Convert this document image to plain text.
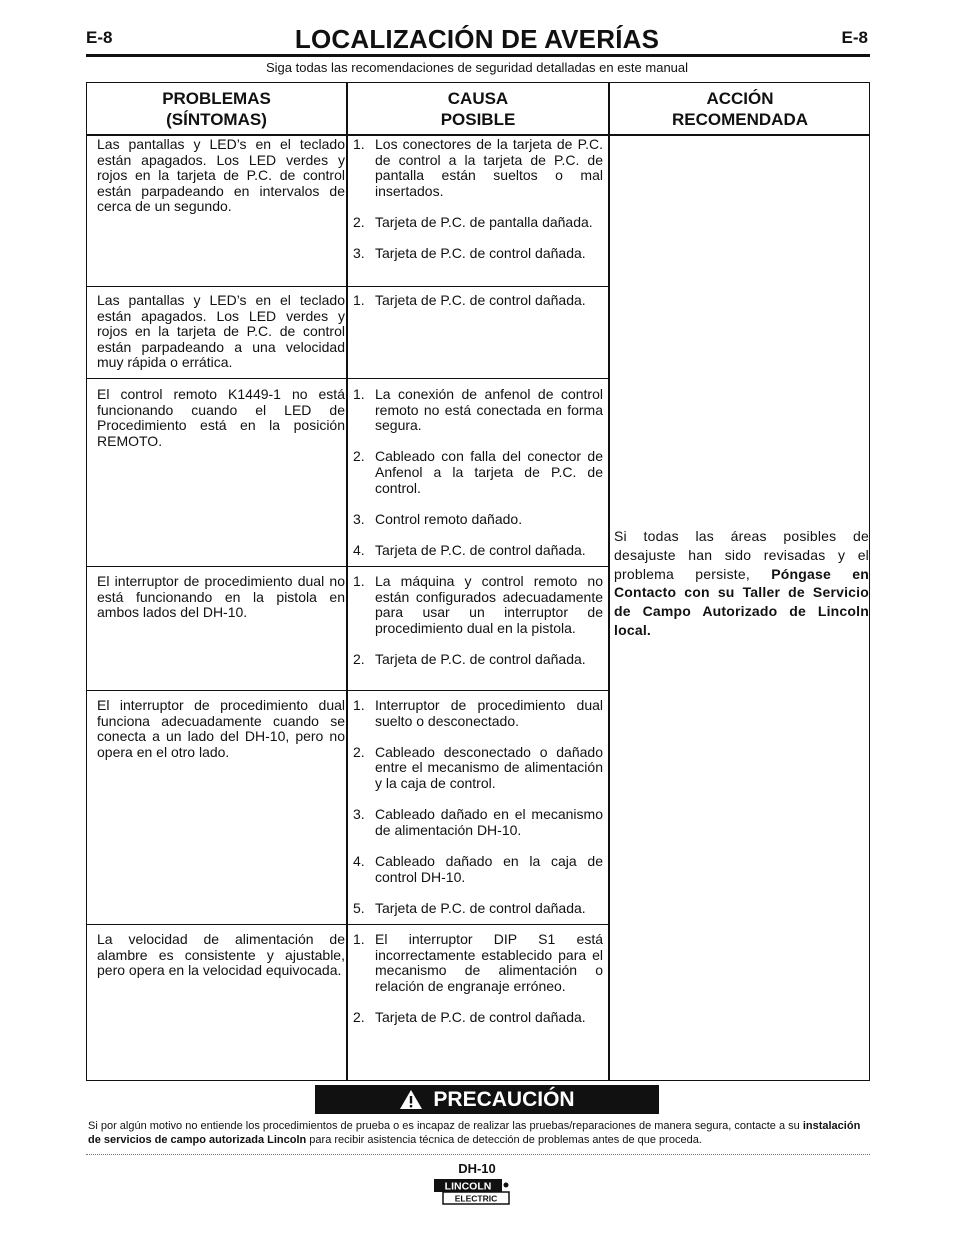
E-8	LOCALIZACIÓN DE AVERÍAS	E-8
Siga todas las recomendaciones de seguridad detalladas en este manual
PROBLEMAS
(SÍNTOMAS)
CAUSA
POSIBLE
ACCIÓN
RECOMENDADA
Las pantallas y LED’s en el teclado están apagados. Los LED verdes y rojos en la tarjeta de P.C. de control están parpadeando en intervalos de cerca de un segundo.
1. Los conectores de la tarjeta de P.C. de control a la tarjeta de P.C. de pantalla están sueltos o mal insertados.
2. Tarjeta de P.C. de pantalla dañada.
3. Tarjeta de P.C. de control dañada.
Las pantallas y LED’s en el teclado están apagados. Los LED verdes y rojos en la tarjeta de P.C. de control están parpadeando a una velocidad muy rápida o errática.
1. Tarjeta de P.C. de control dañada.
El control remoto K1449-1 no está funcionando cuando el LED de Procedimiento está en la posición REMOTO.
1. La conexión de anfenol de control remoto no está conectada en forma segura.
2. Cableado con falla del conector de Anfenol a la tarjeta de P.C. de control.
3. Control remoto dañado.
4. Tarjeta de P.C. de control dañada.
El interruptor de procedimiento dual no está funcionando en la pistola en ambos lados del DH-10.
1. La máquina y control remoto no están configurados adecuadamente para usar un interruptor de procedimiento dual en la pistola.
2. Tarjeta de P.C. de control dañada.
El interruptor de procedimiento dual funciona adecuadamente cuando se conecta a un lado del DH-10, pero no opera en el otro lado.
1. Interruptor de procedimiento dual suelto o desconectado.
2. Cableado desconectado o dañado entre el mecanismo de alimentación y la caja de control.
3. Cableado dañado en el mecanismo de alimentación DH-10.
4. Cableado dañado en la caja de control DH-10.
5. Tarjeta de P.C. de control dañada.
La velocidad de alimentación de alambre es consistente y ajustable, pero opera en la velocidad equivocada.
1. El interruptor DIP S1 está incorrectamente establecido para el mecanismo de alimentación o relación de engranaje erróneo.
2. Tarjeta de P.C. de control dañada.
Si todas las áreas posibles de desajuste han sido revisadas y el problema persiste, Póngase en Contacto con su Taller de Servicio de Campo Autorizado de Lincoln local.
PRECAUCIÓN
Si por algún motivo no entiende los procedimientos de prueba o es incapaz de realizar las pruebas/reparaciones de manera segura, contacte a su instalación de servicios de campo autorizada Lincoln para recibir asistencia técnica de detección de problemas antes de que proceda.
DH-10
LINCOLN
ELECTRIC
